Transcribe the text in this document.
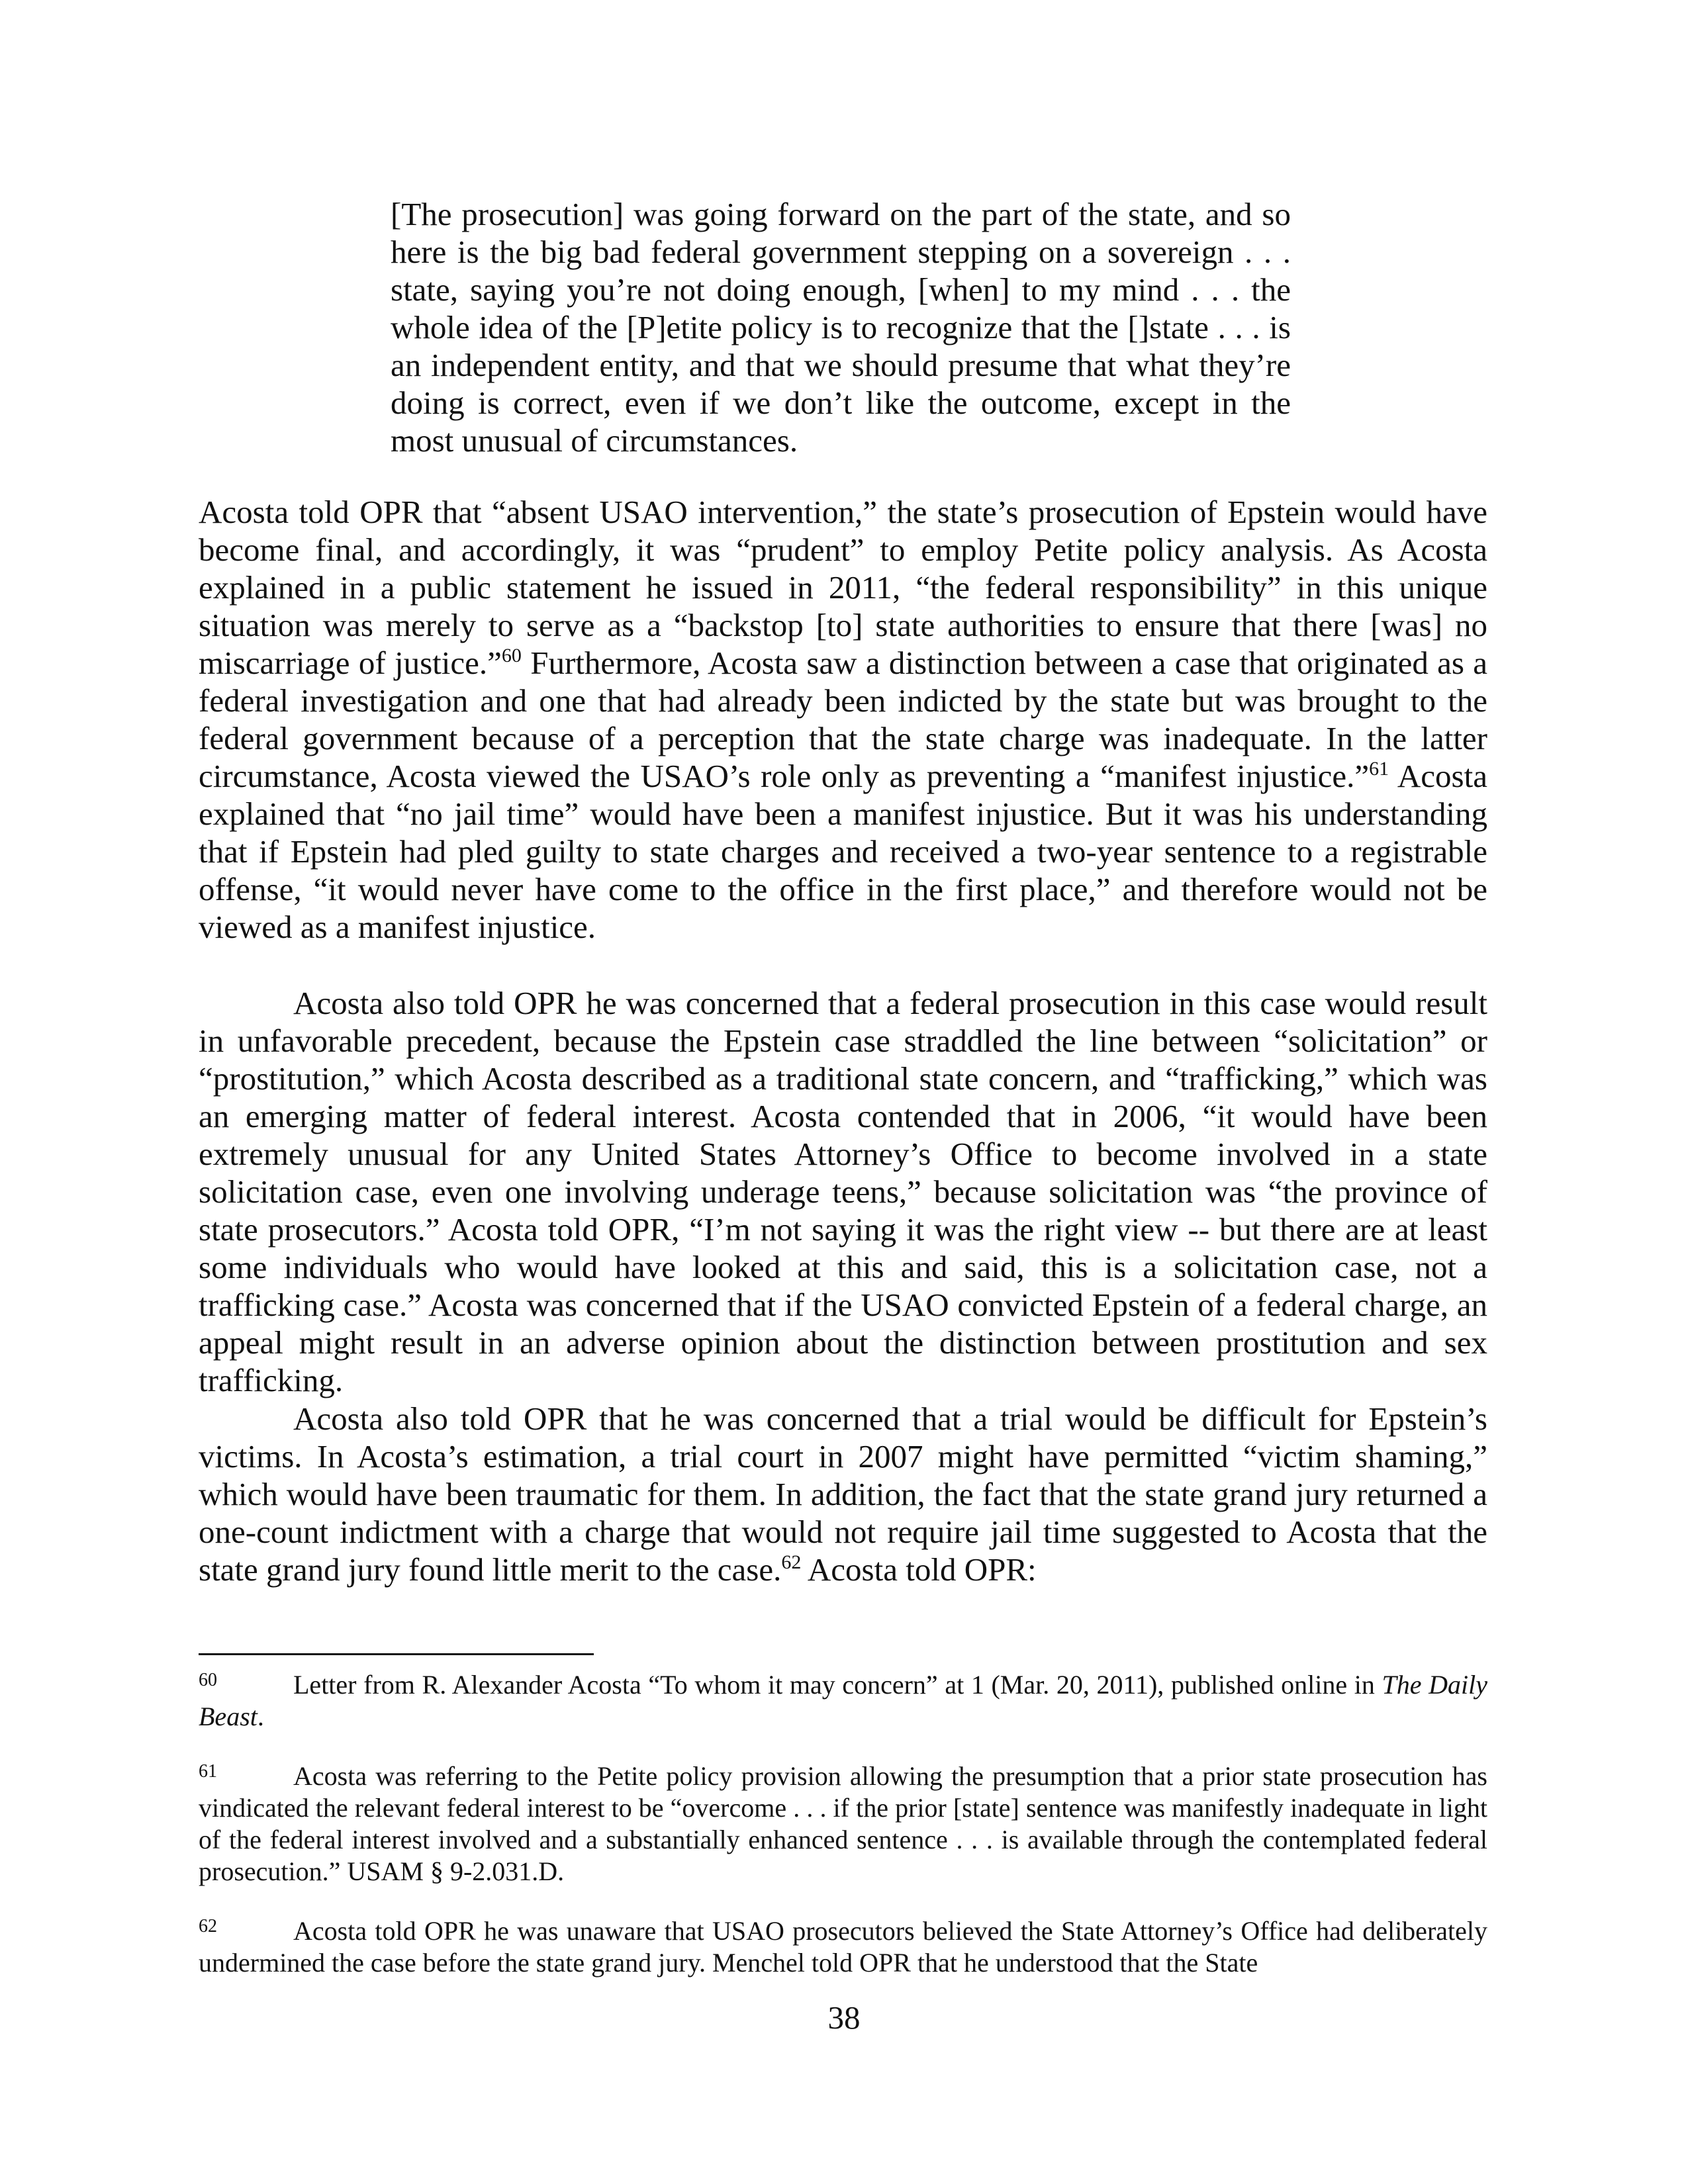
[The prosecution] was going forward on the part of the state, and so here is the big bad federal government stepping on a sovereign . . . state, saying you’re not doing enough, [when] to my mind . . . the whole idea of the [P]etite policy is to recognize that the []state . . . is an independent entity, and that we should presume that what they’re doing is correct, even if we don’t like the outcome, except in the most unusual of circumstances.

Acosta told OPR that “absent USAO intervention,” the state’s prosecution of Epstein would have become final, and accordingly, it was “prudent” to employ Petite policy analysis. As Acosta explained in a public statement he issued in 2011, “the federal responsibility” in this unique situation was merely to serve as a “backstop [to] state authorities to ensure that there [was] no miscarriage of justice.”$^{60}$ Furthermore, Acosta saw a distinction between a case that originated as a federal investigation and one that had already been indicted by the state but was brought to the federal government because of a perception that the state charge was inadequate. In the latter circumstance, Acosta viewed the USAO’s role only as preventing a “manifest injustice.”$^{61}$ Acosta explained that “no jail time” would have been a manifest injustice. But it was his understanding that if Epstein had pled guilty to state charges and received a two-year sentence to a registrable offense, “it would never have come to the office in the first place,” and therefore would not be viewed as a manifest injustice.

Acosta also told OPR he was concerned that a federal prosecution in this case would result in unfavorable precedent, because the Epstein case straddled the line between “solicitation” or “prostitution,” which Acosta described as a traditional state concern, and “trafficking,” which was an emerging matter of federal interest. Acosta contended that in 2006, “it would have been extremely unusual for any United States Attorney’s Office to become involved in a state solicitation case, even one involving underage teens,” because solicitation was “the province of state prosecutors.” Acosta told OPR, “I’m not saying it was the right view -- but there are at least some individuals who would have looked at this and said, this is a solicitation case, not a trafficking case.” Acosta was concerned that if the USAO convicted Epstein of a federal charge, an appeal might result in an adverse opinion about the distinction between prostitution and sex trafficking.

Acosta also told OPR that he was concerned that a trial would be difficult for Epstein’s victims. In Acosta’s estimation, a trial court in 2007 might have permitted “victim shaming,” which would have been traumatic for them. In addition, the fact that the state grand jury returned a one-count indictment with a charge that would not require jail time suggested to Acosta that the state grand jury found little merit to the case.$^{62}$ Acosta told OPR:

60	Letter from R. Alexander Acosta “To whom it may concern” at 1 (Mar. 20, 2011), published online in The Daily Beast.

61	Acosta was referring to the Petite policy provision allowing the presumption that a prior state prosecution has vindicated the relevant federal interest to be “overcome . . . if the prior [state] sentence was manifestly inadequate in light of the federal interest involved and a substantially enhanced sentence . . . is available through the contemplated federal prosecution.” USAM § 9-2.031.D.

62	Acosta told OPR he was unaware that USAO prosecutors believed the State Attorney’s Office had deliberately undermined the case before the state grand jury. Menchel told OPR that he understood that the State

38
